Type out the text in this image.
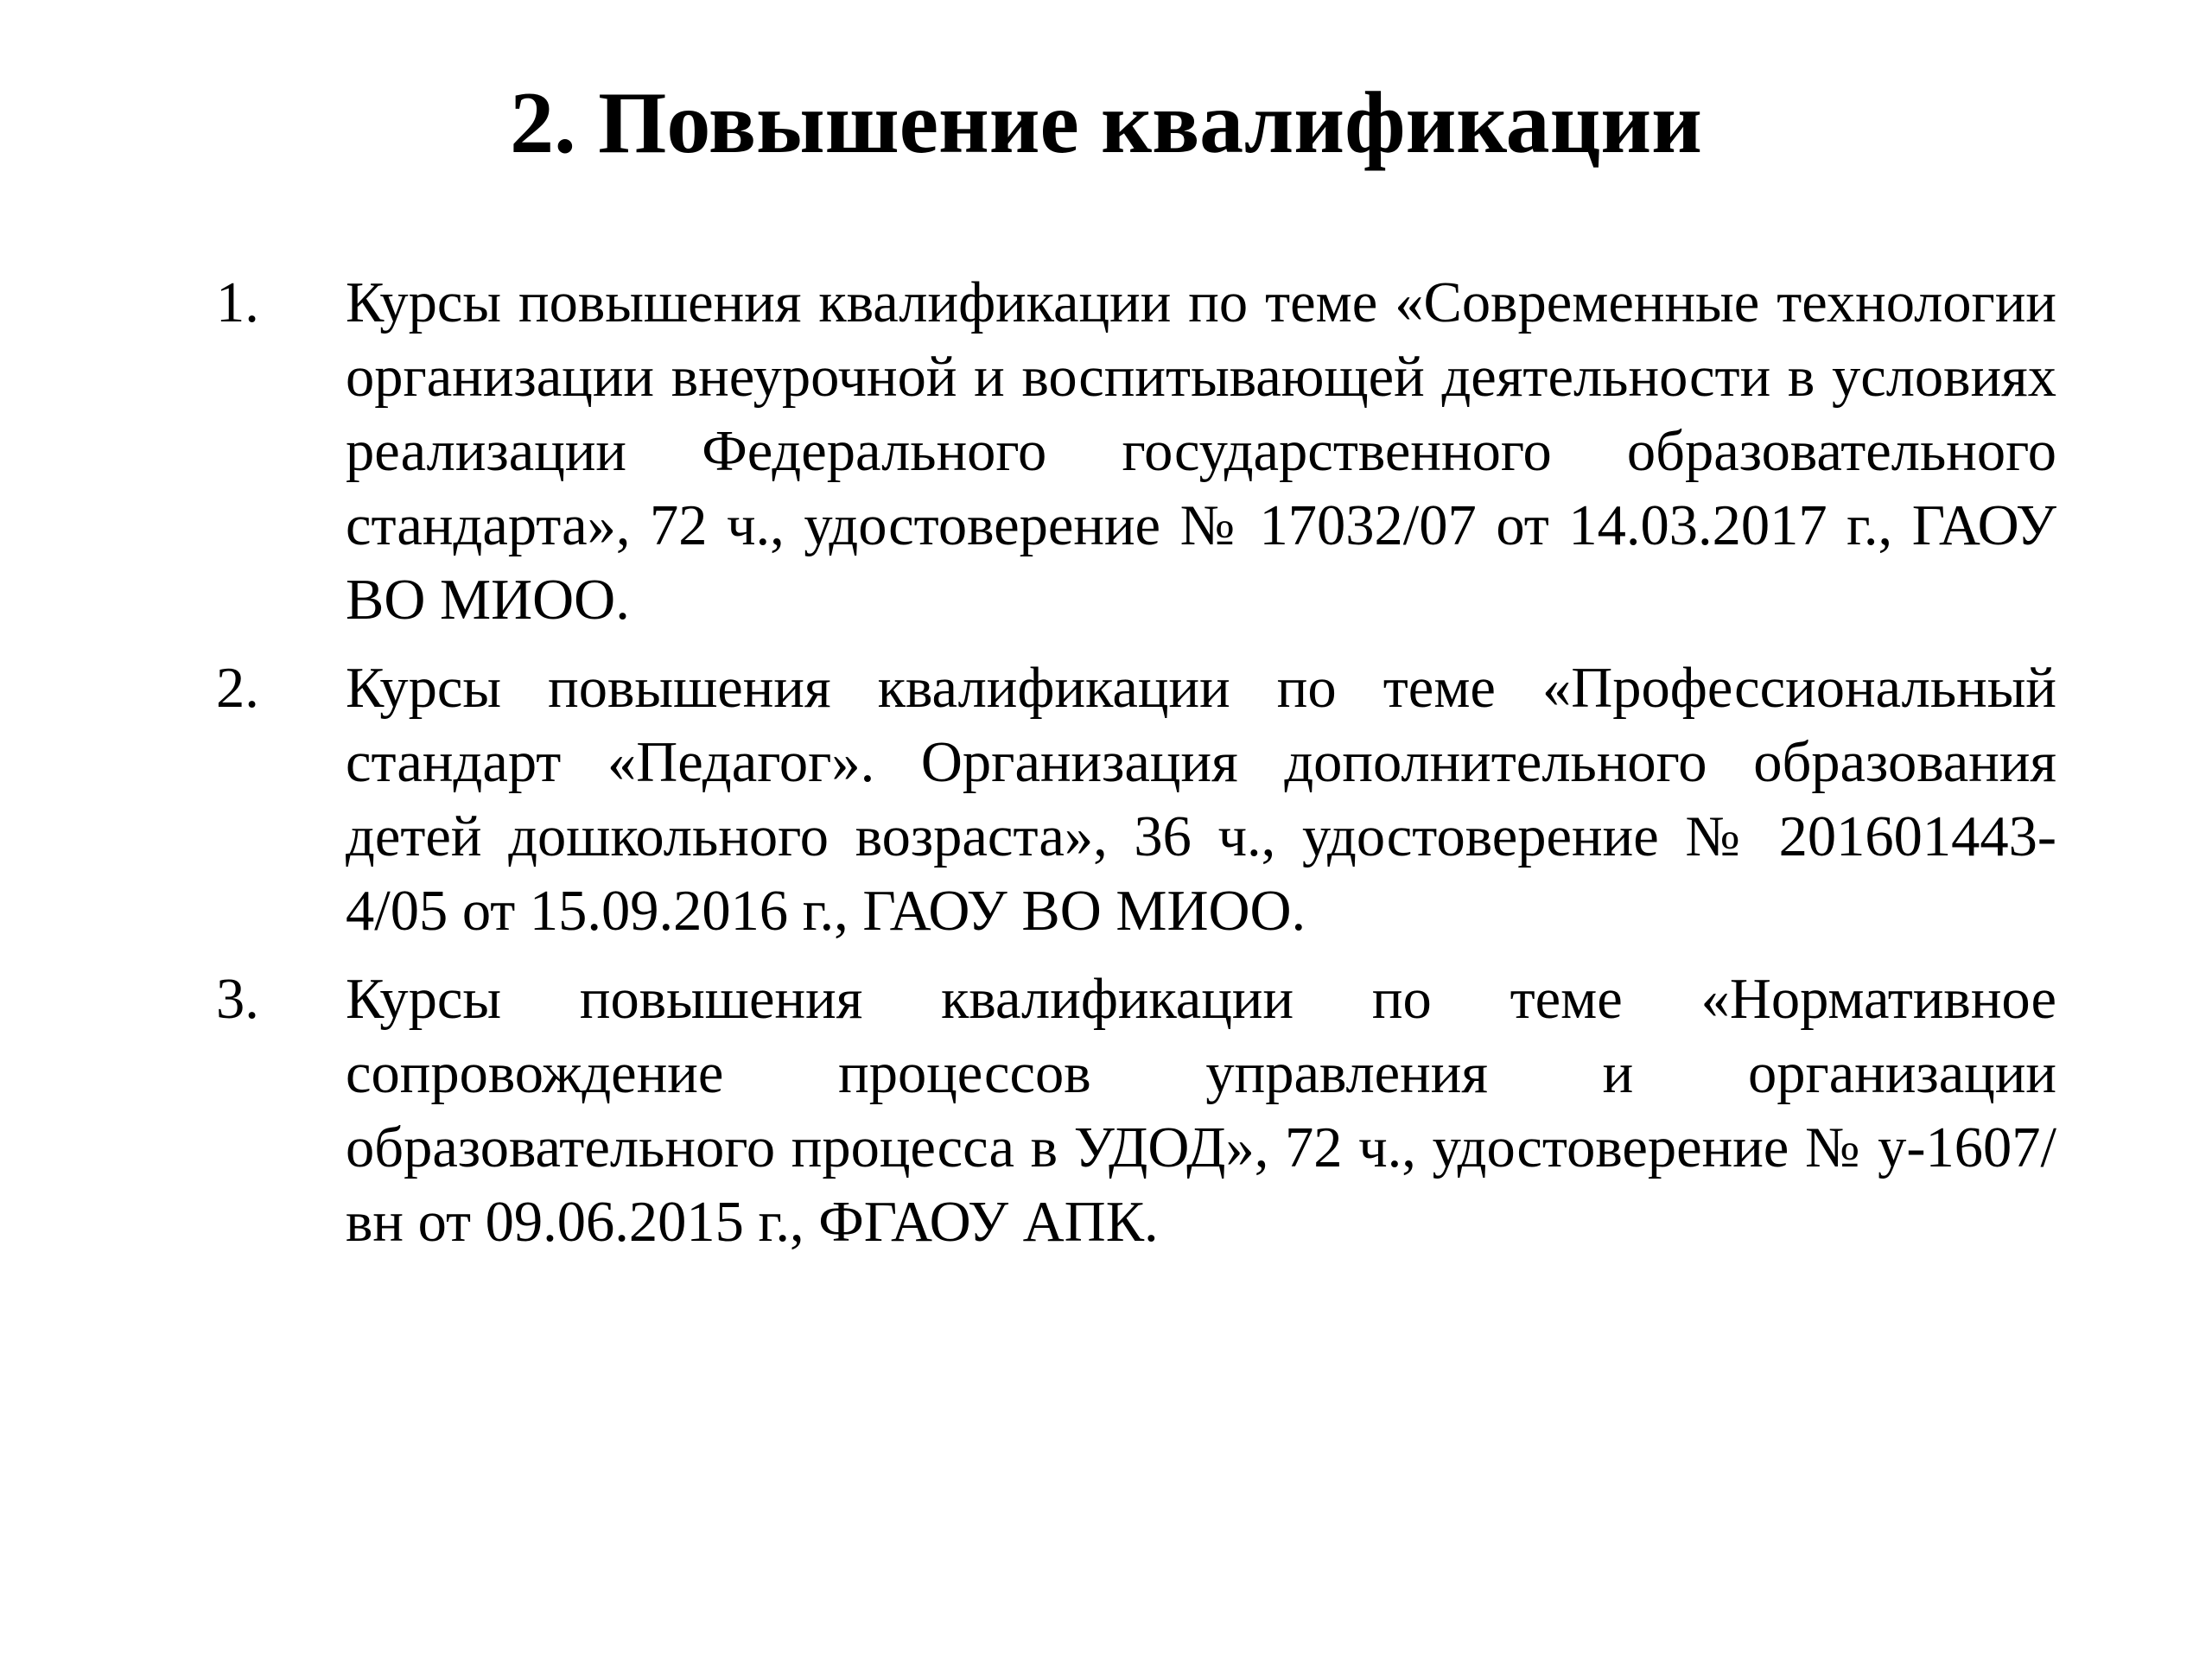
2. Повышение квалификации
1. Курсы повышения квалификации по теме «Современные технологии организации внеурочной и воспитывающей деятельности в условиях реализации Федерального государственного образовательного стандарта», 72 ч., удостоверение № 17032/07 от 14.03.2017 г., ГАОУ ВО МИОО.
2. Курсы повышения квалификации по теме «Профессиональный стандарт «Педагог». Организация дополнительного образования детей дошкольного возраста», 36 ч., удостоверение № 201601443-4/05 от 15.09.2016 г., ГАОУ ВО МИОО.
3. Курсы повышения квалификации по теме «Нормативное сопровождение процессов управления и организации образовательного процесса в УДОД», 72 ч., удостоверение № у-1607/вн от 09.06.2015 г., ФГАОУ АПК.
